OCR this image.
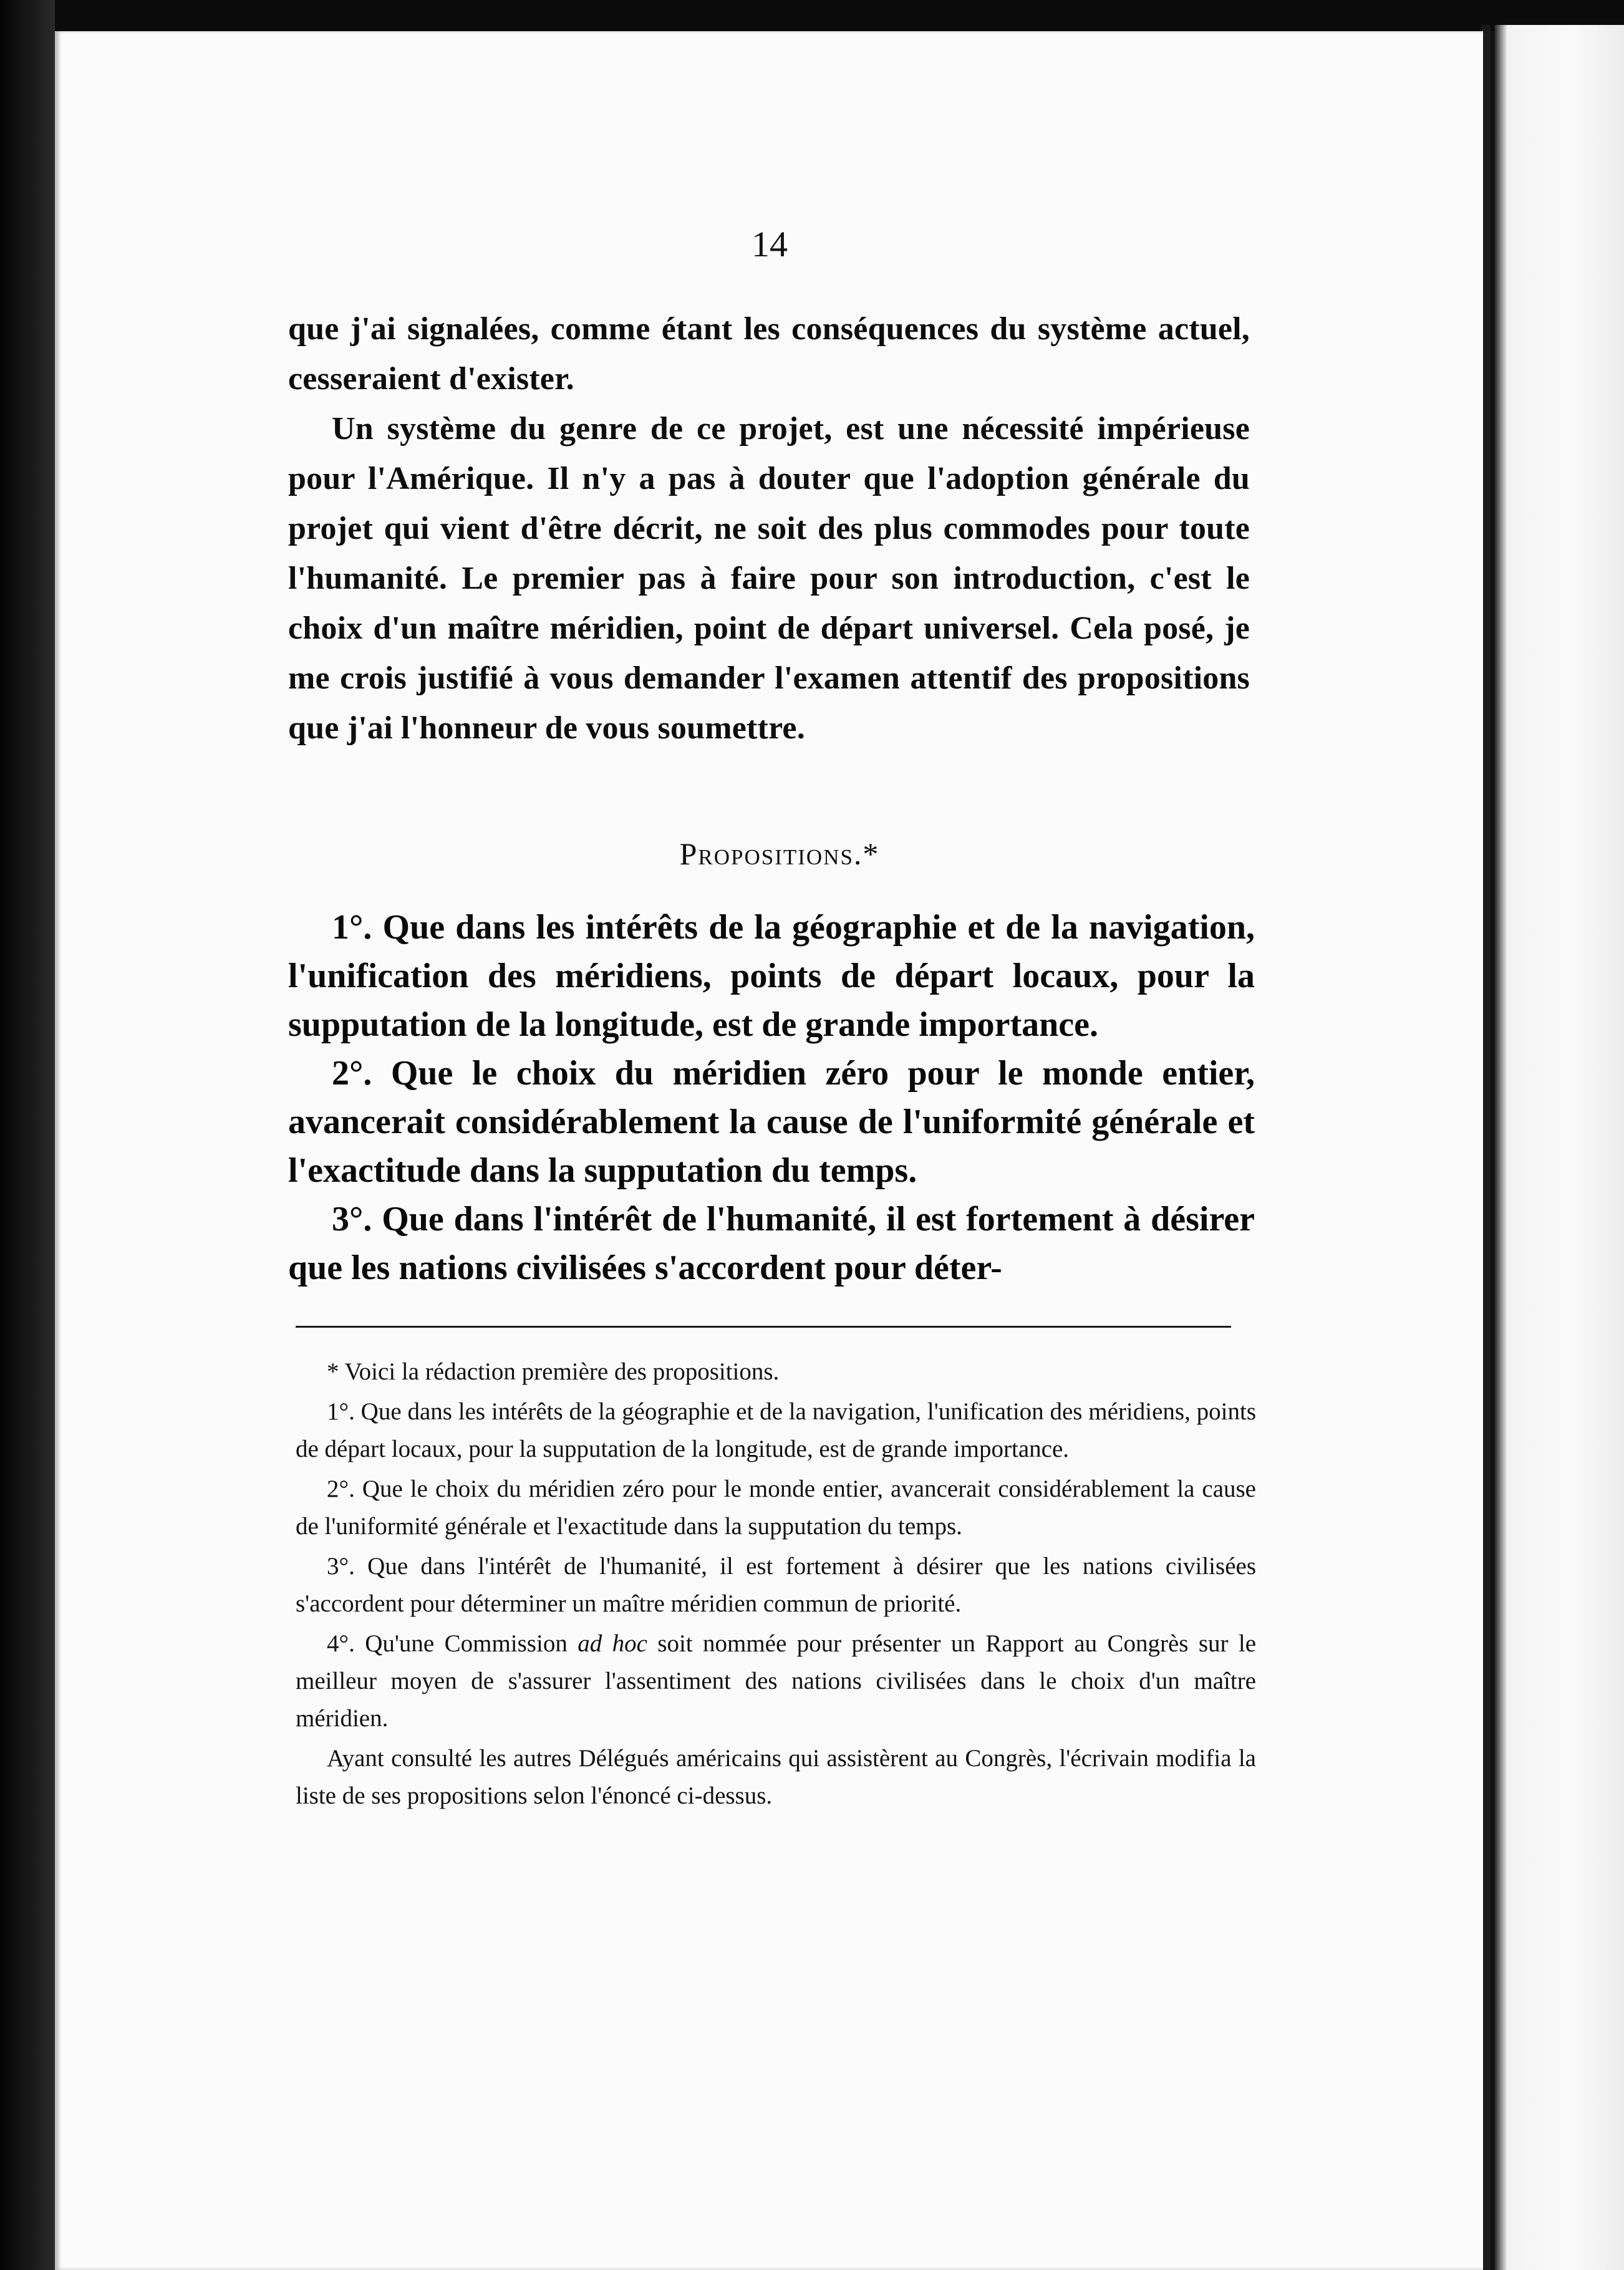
14

que j'ai signalées, comme étant les conséquences du système actuel, cesseraient d'exister.

Un système du genre de ce projet, est une nécessité impérieuse pour l'Amérique. Il n'y a pas à douter que l'adoption générale du projet qui vient d'être décrit, ne soit des plus commodes pour toute l'humanité. Le premier pas à faire pour son introduction, c'est le choix d'un maître méridien, point de départ universel. Cela posé, je me crois justifié à vous demander l'examen attentif des propositions que j'ai l'honneur de vous soumettre.

Propositions.*

1°. Que dans les intérêts de la géographie et de la navigation, l'unification des méridiens, points de départ locaux, pour la supputation de la longitude, est de grande importance.

2°. Que le choix du méridien zéro pour le monde entier, avancerait considérablement la cause de l'uniformité générale et l'exactitude dans la supputation du temps.

3°. Que dans l'intérêt de l'humanité, il est fortement à désirer que les nations civilisées s'accordent pour déter-

* Voici la rédaction première des propositions.

1°. Que dans les intérêts de la géographie et de la navigation, l'unification des méridiens, points de départ locaux, pour la supputation de la longitude, est de grande importance.

2°. Que le choix du méridien zéro pour le monde entier, avancerait considérablement la cause de l'uniformité générale et l'exactitude dans la supputation du temps.

3°. Que dans l'intérêt de l'humanité, il est fortement à désirer que les nations civilisées s'accordent pour déterminer un maître méridien commun de priorité.

4°. Qu'une Commission ad hoc soit nommée pour présenter un Rapport au Congrès sur le meilleur moyen de s'assurer l'assentiment des nations civilisées dans le choix d'un maître méridien.

Ayant consulté les autres Délégués américains qui assistèrent au Congrès, l'écrivain modifia la liste de ses propositions selon l'énoncé ci-dessus.
